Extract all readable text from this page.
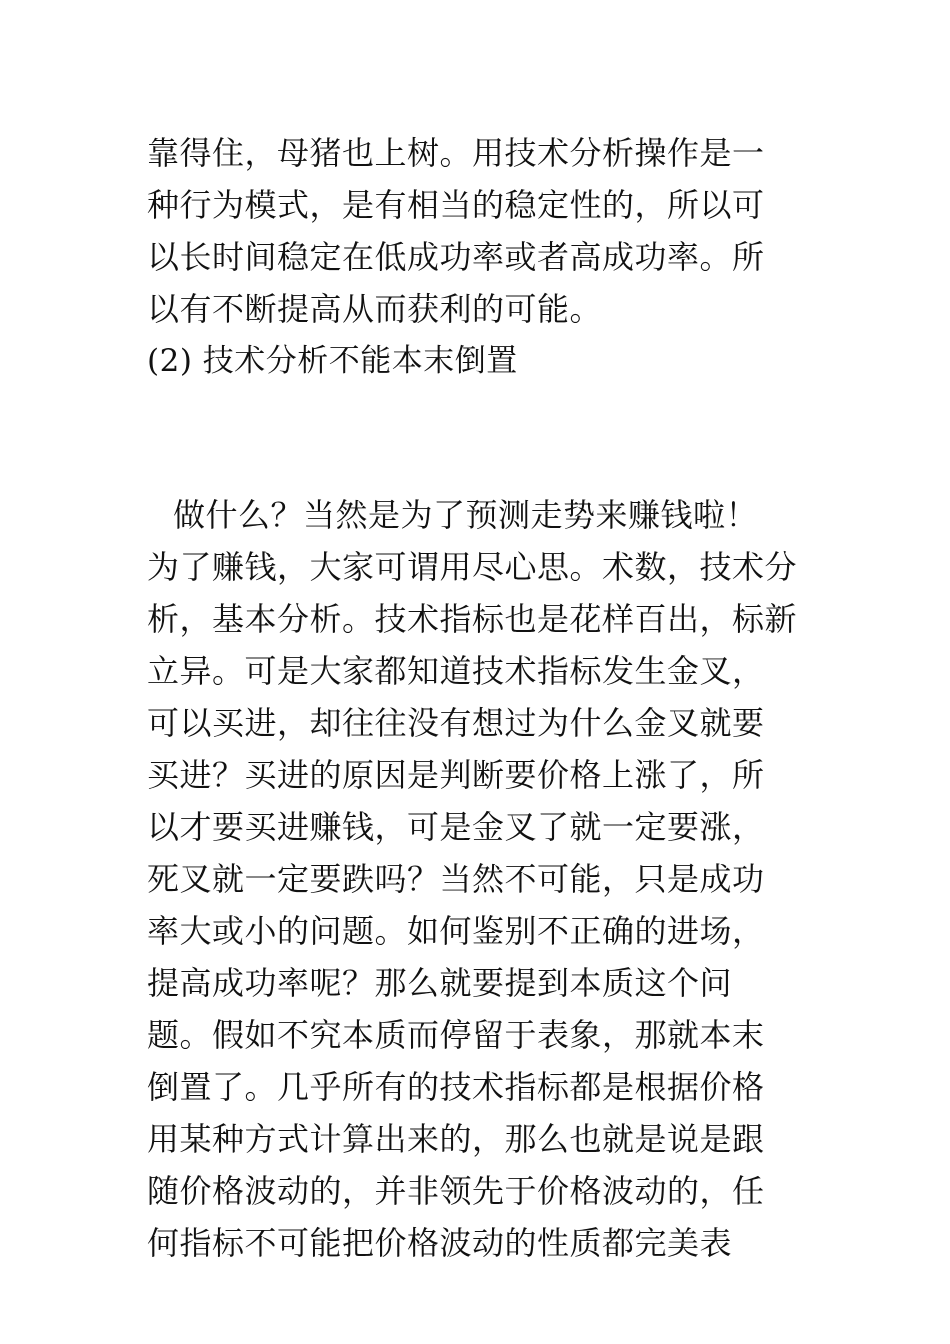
靠得住，母猪也上树。用技术分析操作是一
种行为模式，是有相当的稳定性的，所以可
以长时间稳定在低成功率或者高成功率。所
以有不断提高从而获利的可能。
(2) 技术分析不能本末倒置
做什么？当然是为了预测走势来赚钱啦！
为了赚钱，大家可谓用尽心思。术数，技术分
析，基本分析。技术指标也是花样百出，标新
立异。可是大家都知道技术指标发生金叉，
可以买进，却往往没有想过为什么金叉就要
买进？买进的原因是判断要价格上涨了，所
以才要买进赚钱，可是金叉了就一定要涨，
死叉就一定要跌吗？当然不可能，只是成功
率大或小的问题。如何鉴别不正确的进场，
提高成功率呢？那么就要提到本质这个问
题。假如不究本质而停留于表象，那就本末
倒置了。几乎所有的技术指标都是根据价格
用某种方式计算出来的，那么也就是说是跟
随价格波动的，并非领先于价格波动的，任
何指标不可能把价格波动的性质都完美表
